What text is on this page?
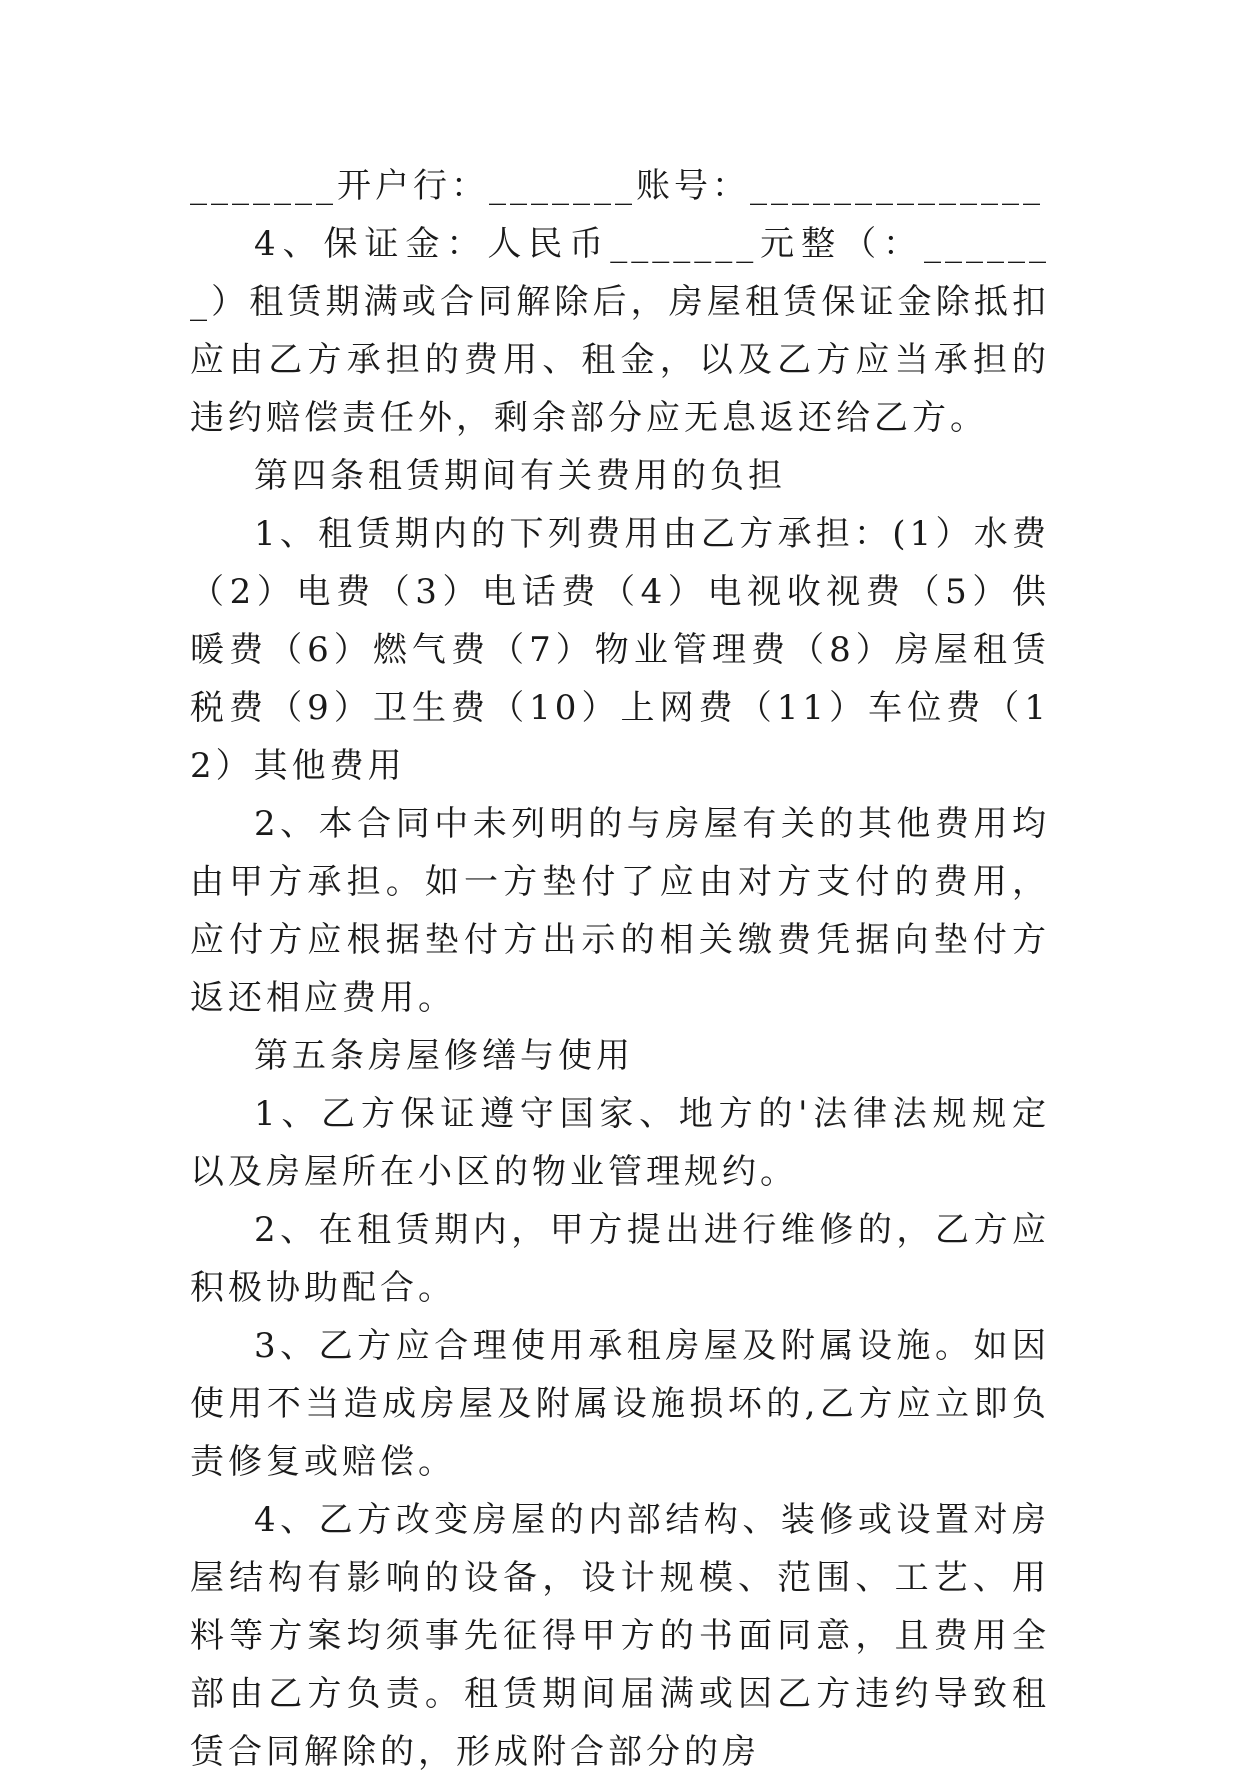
_______开户行：_______账号：______________

4、保证金：人民币_______元整（：_______）租赁期满或合同解除后，房屋租赁保证金除抵扣应由乙方承担的费用、租金，以及乙方应当承担的违约赔偿责任外，剩余部分应无息返还给乙方。

第四条租赁期间有关费用的负担

1、租赁期内的下列费用由乙方承担：(1）水费（2）电费（3）电话费（4）电视收视费（5）供暖费（6）燃气费（7）物业管理费（8）房屋租赁税费（9）卫生费（10）上网费（11）车位费（12）其他费用

2、本合同中未列明的与房屋有关的其他费用均由甲方承担。如一方垫付了应由对方支付的费用，应付方应根据垫付方出示的相关缴费凭据向垫付方返还相应费用。

第五条房屋修缮与使用

1、乙方保证遵守国家、地方的'法律法规规定以及房屋所在小区的物业管理规约。

2、在租赁期内，甲方提出进行维修的，乙方应积极协助配合。

3、乙方应合理使用承租房屋及附属设施。如因使用不当造成房屋及附属设施损坏的,乙方应立即负责修复或赔偿。

4、乙方改变房屋的内部结构、装修或设置对房屋结构有影响的设备，设计规模、范围、工艺、用料等方案均须事先征得甲方的书面同意，且费用全部由乙方负责。租赁期间届满或因乙方违约导致租赁合同解除的，形成附合部分的房
